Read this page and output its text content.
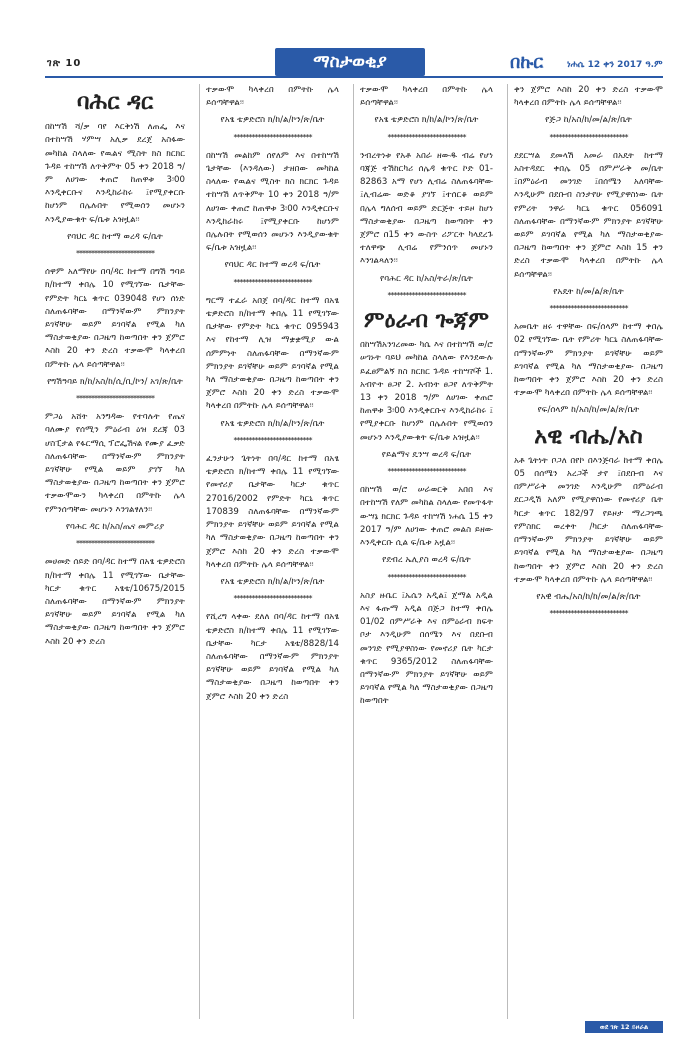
ገጽ 10	ማስታወቂያ	በኩር	ነሐሴ 12 ቀን 2017 ዓ.ም
ባሕር ዳር

በከሣሽ ሻ/ቃ ባየ እርቅነሽ ለጠፌ እና በተከሣሽ ሃምሣ አሊቃ ደረጀ አስፋው መካከል ስላለው የዉልና ሚስት ክስ ክርክር ጉዳይ ተከሣሽ ለጥቅምት 05 ቀን 2018 ዓ/ም ለሀገው ቀጠሮ ከጠዋቱ 3፡00 እንዲቀርቡና እንዲከራከሩ ፤የሚያቀርቡ ከሆነም በሌሉበት የሚወሰን መሆኑን እንዲያውቁት ፍ/ቤቱ አዝዟል፡፡

የባህር ዳር ከተማ ወረዳ ፍ/ቤት

**************************

ሰዋም አለማየሁ በባ/ዳር ከተማ በግሽ ዓባይ ክ/ከተማ ቀበሌ 10 የሚገኘው ቤታቸው የምድት ካርኒ ቁጥር 039048 የሆነ ሰነድ ስለጠፋባቸው በማንኛውም ምክንያት ይገኛቸሁ ወይም ይገባኛል የሚል ካለ ማስታወቂያው በጋዜጣ ከወጣበት ቀን ጀምሮ እስከ 20 ቀን ድረስ ተቃውሞ ካላቀረበ በምትኩ ሌላ ይሰጣቸዋል፡፡

የግሽዓባይ ክ/ከ/አስ/ከ/ሲ/ቢ/ኮን/ አገ/ጽ/ቤት

**************************

ምጋዕ አሸት አንግዳው የተባሉት የጤና ባለሙያ የሰሚን ምዕራብ ዕዝ ደረጃ 03 ሆስፒታል የፋርማሲ ፕሮፌሽናል የሙያ ፈቃድ ስለጠፋባቸው በማንኛውም ምክንያት ይገኛቸሁ የሚል ወይም ያገኘ ካለ ማስታወቂያው በጋዜጣ ከወጣበት ቀን ጀምሮ ተቃውሞውን ካላቀረበ በምትኩ ሌላ የምንሰጣቸው መሆኑን እንገልፃለን፡፡

የባሕር ዳር ከ/አስ/ጤና መምሪያ

**************************

መሀመድ ሰይድ በባ/ዳር ከተማ በአፄ ቴዎድሮስ ክ/ከተማ ቀበሌ 11 የሚገኘው ቤታቸው ካርታ ቁጥር አፄቴ/10675/2015 ስለጠፋባቸው በማንኛውም ምክንያት ይገኛቸሁ ወይም ይገባኛል የሚል ካለ ማስታወቂያው በጋዜጣ ከወጣበት ቀን ጀምሮ እስከ 20 ቀን ድረስ

ተቃውሞ ካላቀረበ በምትኩ ሌላ ይሰጣቸዋል፡፡

የአፄ ቴዎድሮስ ክ/ከ/ል/ኮን/ጽ/ቤት

**************************

በከሣሽ መልከም ሰየለም እና በተከሣሽ ጌታቸው (እንዳለው) ታዘበው መካከል ስላለው የዉልና ሚስት ክስ ክርክር ጉዳይ ተከሣሽ ለጥቅምት 10 ቀን 2018 ዓ/ም ለሀገው ቀጠሮ ከጠዋቱ 3፡00 እንዲቀርቡና እንዲከራከሩ ፤የሚያቀርቡ ከሆነም በሌሉበት የሚወሰን መሆኑን እንዲያውቁት ፍ/ቤቱ አዝዟል፡፡

የባህር ዳር ከተማ ወረዳ ፍ/ቤት

**************************

ግርማ ተፈራ አበጀ በባ/ዳር ከተማ በአፄ ቴዎድሮስ ክ/ከተማ ቀበሌ 11 የሚገኘው ቤታቸው የምድት ካርኒ ቁጥር 095943 እና የከተማ ሊዝ ማቋቋሚያ ውል ሰምምነት ስለጠፋባቸው በማንኛውም ምክንያት ይገኛቸሁ ወይም ይገባኛል የሚል ካለ ማስታወቂያው በጋዜጣ ከወጣበት ቀን ጀምሮ እስከ 20 ቀን ድረስ ተቃውሞ ካላቀረበ በምትኩ ሌላ ይሰጣቸዋል፡፡

የአፄ ቴዎድሮስ ክ/ከ/ል/ኮን/ጽ/ቤት

**************************

ፈንታሁን ጌትነት በባ/ዳር ከተማ በአፄ ቴዎድሮስ ክ/ከተማ ቀበሌ 11 የሚገኘው የመኖሪያ ቤታቸው ካርታ ቁጥር 27016/2002 የምድት ካርኒ ቁጥር 170839 ስለጠፋባቸው በማንኛውም ምክንያት ይገኛቸሁ ወይም ይገባኛል የሚል ካለ ማስታወቂያው በጋዜጣ ከወጣበት ቀን ጀምሮ እስከ 20 ቀን ድረስ ተቃውሞ ካላቀረበ በምትኩ ሌላ ይሰጣቸዋል፡፡

የአፄ ቴዎድሮስ ክ/ከ/ል/ኮን/ጽ/ቤት

**************************

የሺረግ ላቀው ደለለ በባ/ዳር ከተማ በአፄ ቴዎድሮስ ክ/ከተማ ቀበሌ 11 የሚገኘው ቤታቸው ካርታ አፄቴ/8828/14 ስለጠፋባቸው በማንኛውም ምክንያት ይገኛቸሁ ወይም ይገባኛል የሚል ካለ ማስታወቂያው በጋዜጣ ከወጣበት ቀን ጀምሮ እስከ 20 ቀን ድረስ

ተቃውሞ ካላቀረበ በምትኩ ሌላ ይሰጣቸዋል፡፡

የአፄ ቴዎድሮስ ክ/ከ/ል/ኮን/ጽ/ቤት

**************************

ንብረትነቱ የአቶ አበራ ዘውዱ ብሬ የሆነ ባጃጅ ተሽከርካሪ ሰሌዳ ቁጥር ኮድ 01-82863 አማ የሆነ ሊብሬ ስለጠፋባቸው ፤ሊብሬው ወድቆ ያገኘ ፤ተሰርቆ ወይም በሌላ ግለሰብ ወይም ድርጅት ተይዞ ከሆነ ማስታወቂያው በጋዜጣ ከወጣበት ቀን ጀምሮ በ15 ቀን ውስጥ ሪፖርት ካላደረጉ ተለዋጭ ሊብሬ የምንሰጥ መሆኑን እንገልጻለን፡፡

የባሕር ዳር ከ/አስ/ትራ/ጽ/ቤት

**************************

ምዕራብ ጐጃም

በከሣሽአንገረመው ካሴ እና በተከሣሽ ወ/ሮ ሠገኑት ባይህ መካከል ስላለው የእንደውሉ ይፈፀምልኝ ክስ ክርክር ጉዳይ ተከሣሾች 1. አብዮት ፀጋየ 2. አብነት ፀጋየ ለጥቅምት 13 ቀን 2018 ዓ/ም ለሀገው ቀጠሮ ከጠዋቱ 3፡00 እንዲቀርቡና እንዲከራከሩ ፤ የሚያቀርቡ ከሆነም በሌሉበት የሚወሰን መሆኑን እንዲያውቁት ፍ/ቤቱ አዝዟል፡፡

የይልማና ዴንሣ ወረዳ ፍ/ቤት

**************************

በከሣሽ ወ/ሮ ሠራወርቅ አበበ እና በተከሣሽ የለም መካከል ስላለው የመጥፋት ውሣኔ ክርክር ጉዳይ ተከሣሽ ነሐሴ 15 ቀን 2017 ዓ/ም ለሀገው ቀጠሮ መልስ ይዘው እንዲቀርቡ ሲል ፍ/ቤቱ አዟል፡፡

የደብረ ኤሊያስ ወረዳ ፍ/ቤት

**************************

አስያ ዙቤር ፤ኡሴን አዲል፤ ጀማል አዲል እና ፋጡማ አዲል በጅጋ ከተማ ቀበሌ 01/02 በምሥራቅ እና በምዕራብ ክፍት ቦታ እንዲሁም በሰሜን እና በደቡብ መንገድ የሚያዋስነው የመኖሪያ ቤት ካርታ ቁጥር 9365/2012 ስለጠፋባቸው በማንኛውም ምክንያት ይገኛቸሁ ወይም ይገባኛል የሚል ካለ ማስታወቂያው በጋዜጣ ከወጣበት

ቀን ጀምሮ እስከ 20 ቀን ድረስ ተቃውሞ ካላቀረበ በምትኩ ሌላ ይሰጣቸዋል፡፡

የጅጋ ከ/አስ/ከ/መ/ል/ጽ/ቤት

**************************

ደደርሣል ደመላሽ አመራ በአዴት ከተማ አስተዳደር ቀበሌ 05 በምሥራቅ መ/ቤት ፤በምዕራብ መንገድ ፤በሰሜን አለባቸው እንዲሁም በደቡብ ስንታየሁ የሚያዋስነው ቤት የምሪት ንዋራ ካርኒ ቁጥር 056091 ስለጠፋባቸው በማንኛውም ምክንያት ይገኛቸሁ ወይም ይገባኛል የሚል ካለ ማስታወቂያው በጋዜጣ ከወጣበት ቀን ጀምሮ እስከ 15 ቀን ድረስ ተቃውሞ ካላቀረበ በምትኩ ሌላ ይሰጣቸዋል፡፡

የአዴት ከ/መ/ል/ጽ/ቤት

**************************

አመቤት ዘሩ ተዋቸው በፍ/ሰላም ከተማ ቀበሌ 02 የሚገኘው ቤት የምሪት ካርኒ ስለጠፋባቸው በማንኛውም ምክንያት ይገኛቸሁ ወይም ይገባኛል የሚል ካለ ማስታወቂያው በጋዜጣ ከወጣበት ቀን ጀምሮ እስከ 20 ቀን ድረስ ተቃውሞ ካላቀረበ በምትኩ ሌላ ይሰጣቸዋል፡፡

የፍ/ሰላም ከ/አስ/ከ/መ/ል/ጽ/ቤት

አዊ ብሔ/አስ

አቶ ጌትነት ቦጋለ በየኮ በእንጅባራ ከተማ ቀበሌ 05 በሰሜን አረጋች ታየ ፤በደቡብ እና በምሥራቅ መንገድ እንዲሁም በምዕራብ ደርጋዲሽ አለም የሚያዋስነው የመኖሪያ ቤት ካርታ ቁጥር 182/97 የይዞታ ማረጋገጫ የምስክር ወረቀት /ካርታ ስለጠፋባቸው በማንኛውም ምክንያት ይገኛቸሁ ወይም ይገባኛል የሚል ካለ ማስታወቂያው በጋዜጣ ከወጣበት ቀን ጀምሮ እስከ 20 ቀን ድረስ ተቃውሞ ካላቀረበ በምትኩ ሌላ ይሰጣቸዋል፡፡

የአዊ ብሔ/አስ/ከ/ከ/መ/ል/ጽ/ቤት

**************************

ወደ ገጽ 12 ይዞራል
